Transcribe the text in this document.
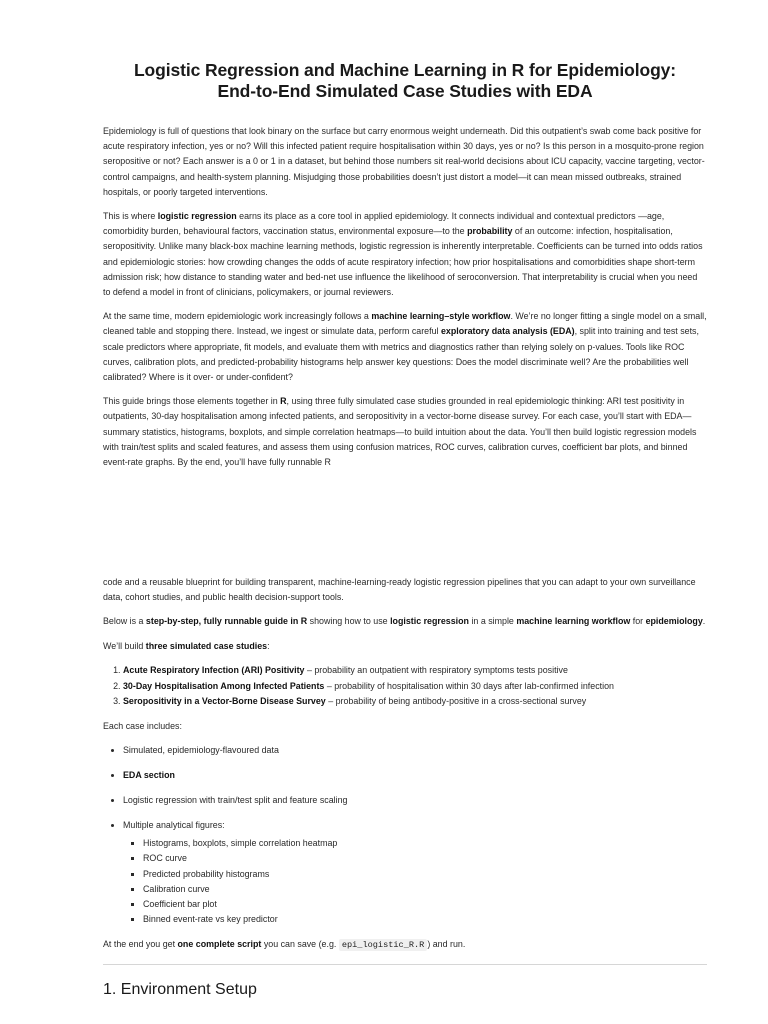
Logistic Regression and Machine Learning in R for Epidemiology:
End-to-End Simulated Case Studies with EDA

Epidemiology is full of questions that look binary on the surface but carry enormous weight underneath. Did this outpatient’s swab come back positive for acute respiratory infection, yes or no? Will this infected patient require hospitalisation within 30 days, yes or no? Is this person in a mosquito-prone region seropositive or not? Each answer is a 0 or 1 in a dataset, but behind those numbers sit real-world decisions about ICU capacity, vaccine targeting, vector-control campaigns, and health-system planning. Misjudging those probabilities doesn’t just distort a model—it can mean missed outbreaks, strained hospitals, or poorly targeted interventions.

This is where logistic regression earns its place as a core tool in applied epidemiology. It connects individual and contextual predictors —age, comorbidity burden, behavioural factors, vaccination status, environmental exposure—to the probability of an outcome: infection, hospitalisation, seropositivity. Unlike many black-box machine learning methods, logistic regression is inherently interpretable. Coefficients can be turned into odds ratios and epidemiologic stories: how crowding changes the odds of acute respiratory infection; how prior hospitalisations and comorbidities shape short-term admission risk; how distance to standing water and bed-net use influence the likelihood of seroconversion. That interpretability is crucial when you need to defend a model in front of clinicians, policymakers, or journal reviewers.

At the same time, modern epidemiologic work increasingly follows a machine learning–style workflow. We’re no longer fitting a single model on a small, cleaned table and stopping there. Instead, we ingest or simulate data, perform careful exploratory data analysis (EDA), split into training and test sets, scale predictors where appropriate, fit models, and evaluate them with metrics and diagnostics rather than relying solely on p-values. Tools like ROC curves, calibration plots, and predicted-probability histograms help answer key questions: Does the model discriminate well? Are the probabilities well calibrated? Where is it over- or under-confident?

This guide brings those elements together in R, using three fully simulated case studies grounded in real epidemiologic thinking: ARI test positivity in outpatients, 30-day hospitalisation among infected patients, and seropositivity in a vector-borne disease survey. For each case, you’ll start with EDA—summary statistics, histograms, boxplots, and simple correlation heatmaps—to build intuition about the data. You’ll then build logistic regression models with train/test splits and scaled features, and assess them using confusion matrices, ROC curves, calibration curves, coefficient bar plots, and binned event-rate graphs. By the end, you’ll have fully runnable R

code and a reusable blueprint for building transparent, machine-learning-ready logistic regression pipelines that you can adapt to your own surveillance data, cohort studies, and public health decision-support tools.

Below is a step-by-step, fully runnable guide in R showing how to use logistic regression in a simple machine learning workflow for epidemiology.

We’ll build three simulated case studies:

1. Acute Respiratory Infection (ARI) Positivity – probability an outpatient with respiratory symptoms tests positive
2. 30-Day Hospitalisation Among Infected Patients – probability of hospitalisation within 30 days after lab-confirmed infection
3. Seropositivity in a Vector-Borne Disease Survey – probability of being antibody-positive in a cross-sectional survey

Each case includes:

• Simulated, epidemiology-flavoured data
• EDA section
• Logistic regression with train/test split and feature scaling
• Multiple analytical figures:
▪ Histograms, boxplots, simple correlation heatmap
▪ ROC curve
▪ Predicted probability histograms
▪ Calibration curve
▪ Coefficient bar plot
▪ Binned event-rate vs key predictor

At the end you get one complete script you can save (e.g. epi_logistic_R.R ) and run.

1. Environment Setup
